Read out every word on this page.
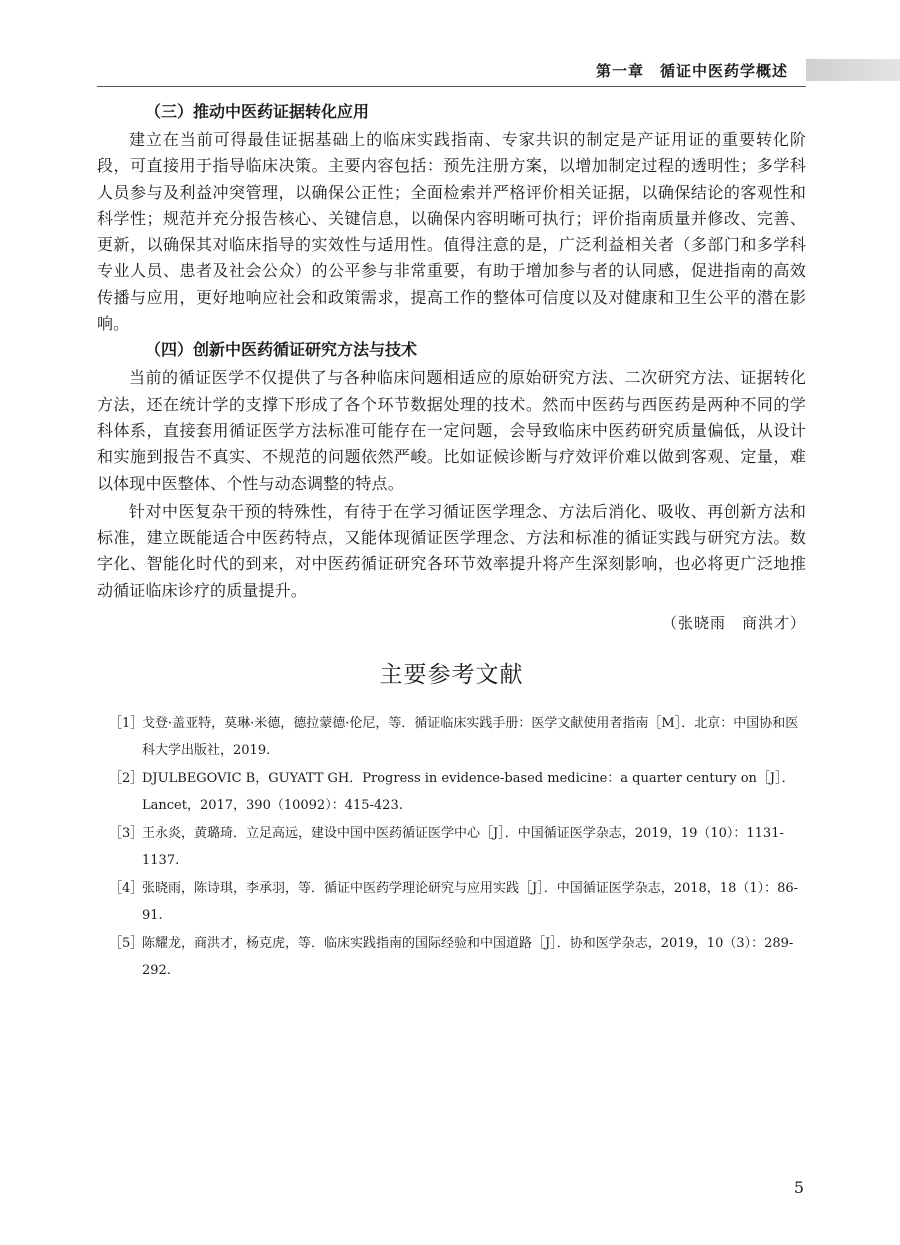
第一章　循证中医药学概述
（三）推动中医药证据转化应用

建立在当前可得最佳证据基础上的临床实践指南、专家共识的制定是产证用证的重要转化阶段，可直接用于指导临床决策。主要内容包括：预先注册方案，以增加制定过程的透明性；多学科人员参与及利益冲突管理，以确保公正性；全面检索并严格评价相关证据，以确保结论的客观性和科学性；规范并充分报告核心、关键信息，以确保内容明晰可执行；评价指南质量并修改、完善、更新，以确保其对临床指导的实效性与适用性。值得注意的是，广泛利益相关者（多部门和多学科专业人员、患者及社会公众）的公平参与非常重要，有助于增加参与者的认同感，促进指南的高效传播与应用，更好地响应社会和政策需求，提高工作的整体可信度以及对健康和卫生公平的潜在影响。

（四）创新中医药循证研究方法与技术

当前的循证医学不仅提供了与各种临床问题相适应的原始研究方法、二次研究方法、证据转化方法，还在统计学的支撑下形成了各个环节数据处理的技术。然而中医药与西医药是两种不同的学科体系，直接套用循证医学方法标准可能存在一定问题，会导致临床中医药研究质量偏低，从设计和实施到报告不真实、不规范的问题依然严峻。比如证候诊断与疗效评价难以做到客观、定量，难以体现中医整体、个性与动态调整的特点。

针对中医复杂干预的特殊性，有待于在学习循证医学理念、方法后消化、吸收、再创新方法和标准，建立既能适合中医药特点，又能体现循证医学理念、方法和标准的循证实践与研究方法。数字化、智能化时代的到来，对中医药循证研究各环节效率提升将产生深刻影响，也必将更广泛地推动循证临床诊疗的质量提升。

（张晓雨　商洪才）
主要参考文献
［1］
戈登·盖亚特，莫琳·米德，德拉蒙德·伦尼，等．循证临床实践手册：医学文献使用者指南［M］．北京：中国协和医科大学出版社，2019.
［2］
DJULBEGOVIC B，GUYATT GH．Progress in evidence-based medicine：a quarter century on［J］．Lancet，2017，390（10092）：415-423.
［3］
王永炎，黄璐琦．立足高远，建设中国中医药循证医学中心［J］．中国循证医学杂志，2019，19（10）：1131-1137.
［4］
张晓雨，陈诗琪，李承羽，等．循证中医药学理论研究与应用实践［J］．中国循证医学杂志，2018，18（1）：86-91.
［5］
陈耀龙，商洪才，杨克虎，等．临床实践指南的国际经验和中国道路［J］．协和医学杂志，2019，10（3）：289-292.
5
